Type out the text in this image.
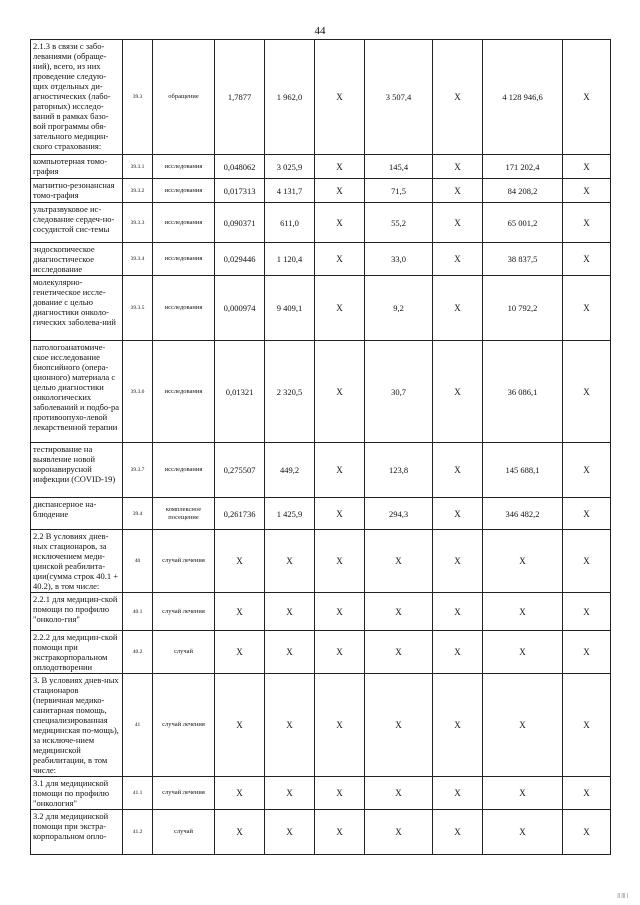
44
2.1.3 в связи с забо-левaниями (обраще-ний), всего, из них проведение следую-щих отдельных ди-агностических (лабо-раторных) исследо-ваний в рамках базо-вой программы обя-зательного медицин-ского страхования:	39.3	обращение	1,7877	1 962,0	X	3 507,4	X	4 128 946,6	X
компьютерная томо-графия	39.3.1	исследования	0,048062	3 025,9	X	145,4	X	171 202,4	X
магнитно-резонансная томо-графия	39.3.2	исследования	0,017313	4 131,7	X	71,5	X	84 208,2	X
ультразвуковое ис-следование сердеч-но-сосудистой сис-темы	39.3.3	исследования	0,090371	611,0	X	55,2	X	65 001,2	X
эндоскопическое диагностическое исследование	39.3.4	исследования	0,029446	1 120,4	X	33,0	X	38 837,5	X
молекулярно-генетическое иссле-дование с целью диагностики онколо-гических заболева-ний	39.3.5	исследования	0,000974	9 409,1	X	9,2	X	10 792,2	X
патологоанатомиче-ское исследование биопсийного (опера-ционного) материала с целью диагностики онкологических заболеваний и подбо-ра противоопухо-левой лекарственной терапии	39.3.6	исследования	0,01321	2 320,5	X	30,7	X	36 086,1	X
тестирование на выявление новой коронавирусной инфекции (COVID-19)	39.3.7	исследования	0,275507	449,2	X	123,8	X	145 688,1	X
диспансерное на-блюдение	39.4	комплексное посещение	0,261736	1 425,9	X	294,3	X	346 482,2	X
2.2 В условиях днев-ных стационаров, за исключением меди-цинской реабилита-ции(сумма строк 40.1 + 40.2), в том числе:	40	случай лечения	X	X	X	X	X	X	X
2.2.1 для медицин-ской помощи по профилю "онколо-гия"	40.1	случай лечения	X	X	X	X	X	X	X
2.2.2 для медицин-ской помощи при экстракорпоральном оплодотворении	40.2	случай	X	X	X	X	X	X	X
3. В условиях днев-ных стационаров (первичная медико-санитарная помощь, специализированная медицинская по-мощь), за исключе-нием медицинской реабилитации, в том числе:	41	случай лечения	X	X	X	X	X	X	X
3.1 для медицинской помощи по профилю "онкология"	41.1	случай лечения	X	X	X	X	X	X	X
3.2 для медицинской помощи при экстра-корпоральном опло-	41.2	случай	X	X	X	X	X	X	X
|| ||| |
